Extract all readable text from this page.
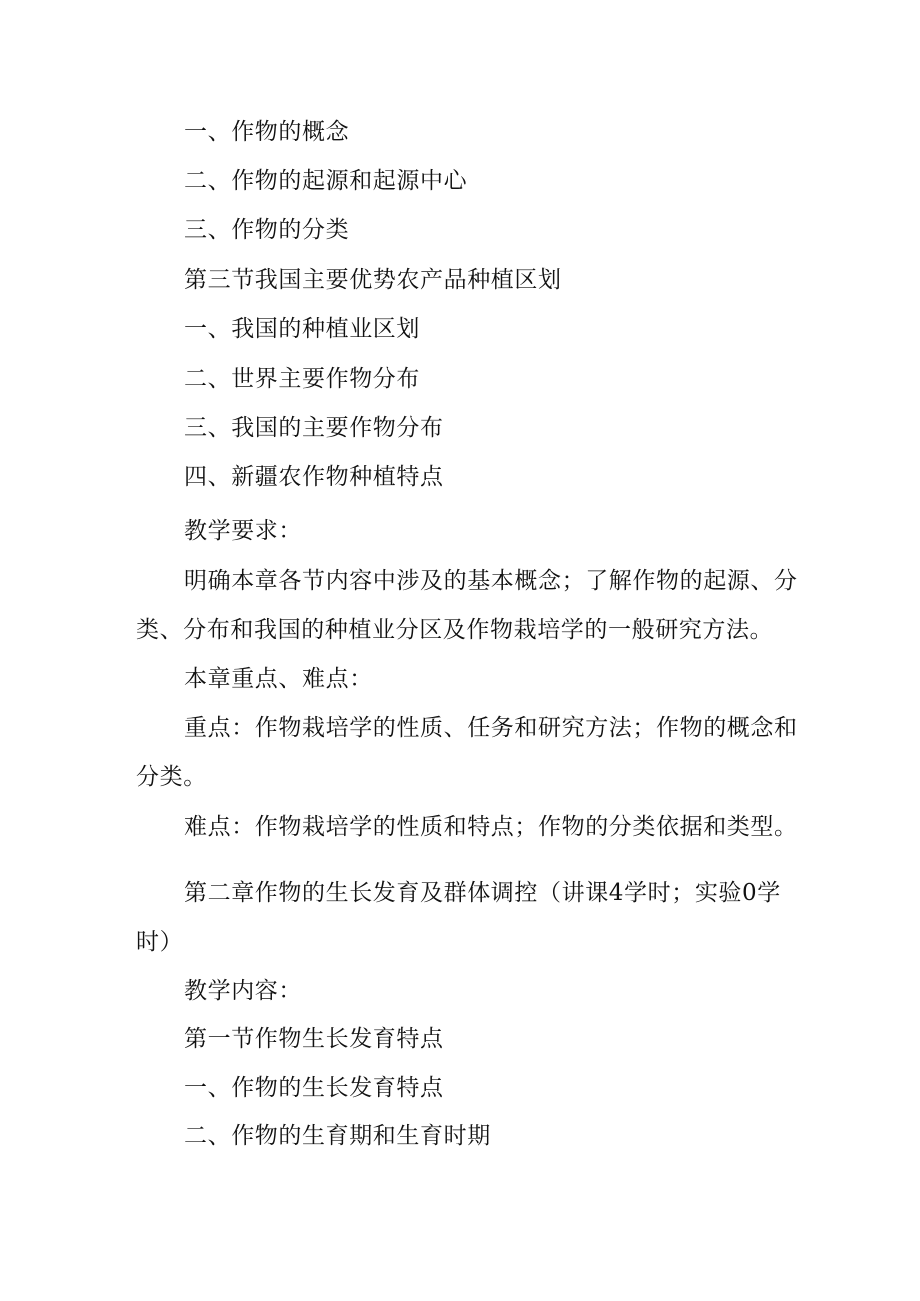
一、作物的概念
二、作物的起源和起源中心
三、作物的分类
第三节我国主要优势农产品种植区划
一、我国的种植业区划
二、世界主要作物分布
三、我国的主要作物分布
四、新疆农作物种植特点
教学要求：
明确本章各节内容中涉及的基本概念；了解作物的起源、分
类、分布和我国的种植业分区及作物栽培学的一般研究方法。
本章重点、难点：
重点：作物栽培学的性质、任务和研究方法；作物的概念和
分类。
难点：作物栽培学的性质和特点；作物的分类依据和类型。
第二章作物的生长发育及群体调控（讲课4学时；实验0学
时）
教学内容：
第一节作物生长发育特点
一、作物的生长发育特点
二、作物的生育期和生育时期
